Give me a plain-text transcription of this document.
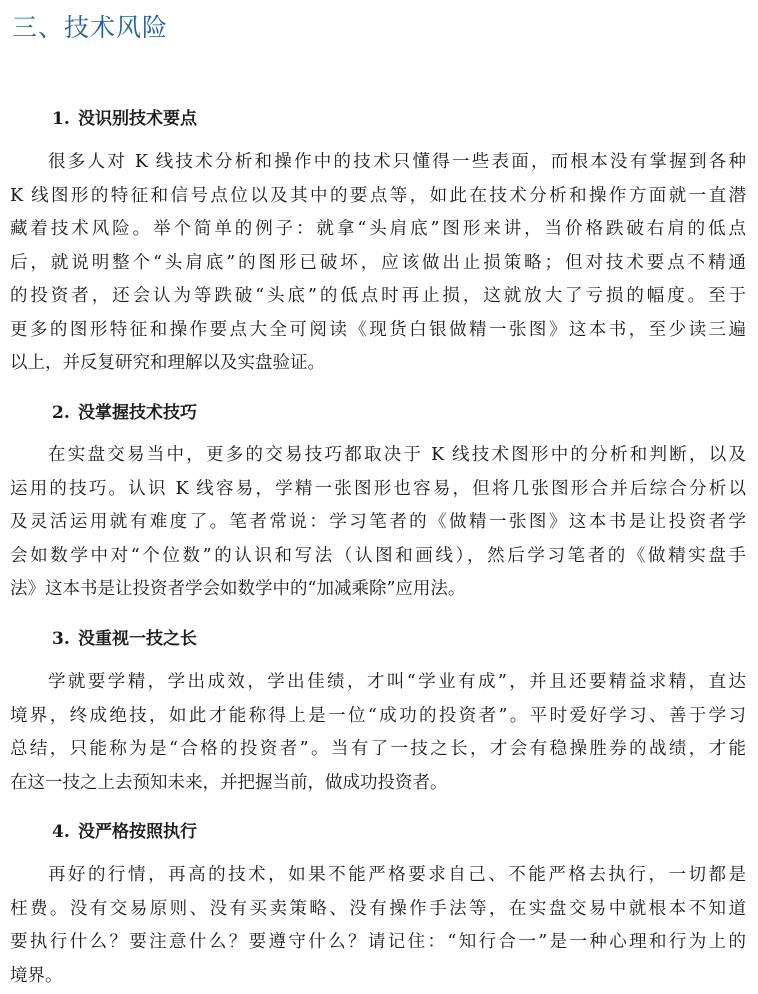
三、技术风险
1. 没识别技术要点
很多人对 K 线技术分析和操作中的技术只懂得一些表面，而根本没有掌握到各种
K 线图形的特征和信号点位以及其中的要点等，如此在技术分析和操作方面就一直潜
藏着技术风险。举个简单的例子：就拿“头肩底”图形来讲，当价格跌破右肩的低点
后，就说明整个“头肩底”的图形已破坏，应该做出止损策略；但对技术要点不精通
的投资者，还会认为等跌破“头底”的低点时再止损，这就放大了亏损的幅度。至于
更多的图形特征和操作要点大全可阅读《现货白银做精一张图》这本书，至少读三遍
以上，并反复研究和理解以及实盘验证。
2. 没掌握技术技巧
在实盘交易当中，更多的交易技巧都取决于 K 线技术图形中的分析和判断，以及
运用的技巧。认识 K 线容易，学精一张图形也容易，但将几张图形合并后综合分析以
及灵活运用就有难度了。笔者常说：学习笔者的《做精一张图》这本书是让投资者学
会如数学中对“个位数”的认识和写法（认图和画线），然后学习笔者的《做精实盘手
法》这本书是让投资者学会如数学中的“加减乘除”应用法。
3. 没重视一技之长
学就要学精，学出成效，学出佳绩，才叫“学业有成”，并且还要精益求精，直达
境界，终成绝技，如此才能称得上是一位“成功的投资者”。平时爱好学习、善于学习
总结，只能称为是“合格的投资者”。当有了一技之长，才会有稳操胜券的战绩，才能
在这一技之上去预知未来，并把握当前，做成功投资者。
4. 没严格按照执行
再好的行情，再高的技术，如果不能严格要求自己、不能严格去执行，一切都是
枉费。没有交易原则、没有买卖策略、没有操作手法等，在实盘交易中就根本不知道
要执行什么？要注意什么？要遵守什么？请记住：“知行合一”是一种心理和行为上的
境界。
